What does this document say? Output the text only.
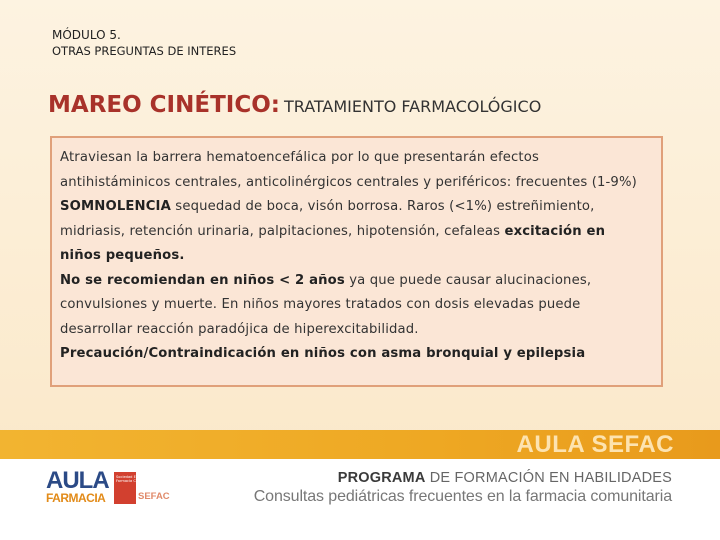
MÓDULO 5.
OTRAS PREGUNTAS DE INTERES
MAREO CINÉTICO: TRATAMIENTO FARMACOLÓGICO

Atraviesan la barrera hematoencefálica por lo que presentarán efectos

antihistáminicos centrales, anticolinérgicos centrales y periféricos: frecuentes (1-9%)

SOMNOLENCIA sequedad de boca, visón borrosa. Raros (<1%) estreñimiento,

midriasis, retención urinaria, palpitaciones, hipotensión, cefaleas excitación en

niños pequeños.

No se recomiendan en niños < 2 años ya que puede causar alucinaciones,

convulsiones y muerte. En niños mayores tratados con dosis elevadas puede

desarrollar reacción paradójica de hiperexcitabilidad.

Precaución/Contraindicación en niños con asma bronquial y epilepsia

AULA SEFAC
AULA
FARMACIA
Sociedad Española de Farmacia Comunitaria
SEFAC
PROGRAMA DE FORMACIÓN EN HABILIDADES
Consultas pediátricas frecuentes en la farmacia comunitaria
